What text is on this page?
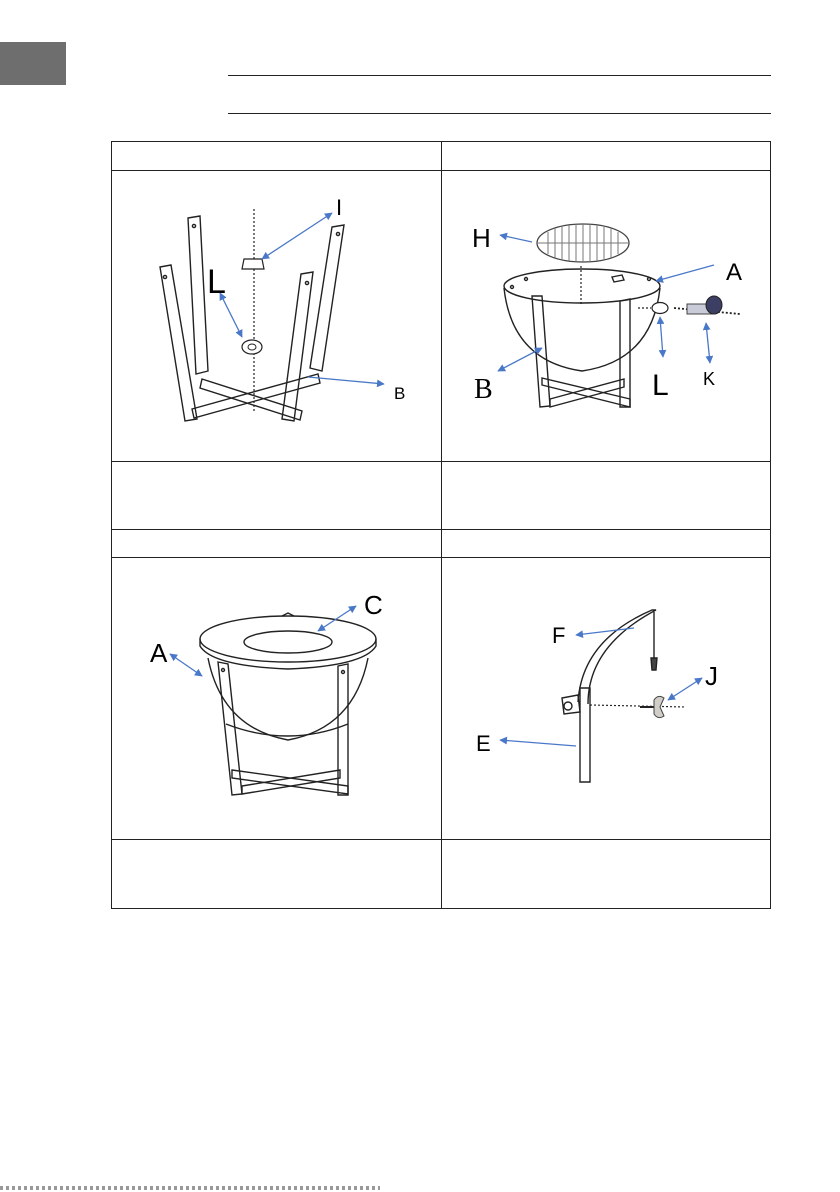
I
L
B
H
A
K
B	L
C
A
F
J
E
